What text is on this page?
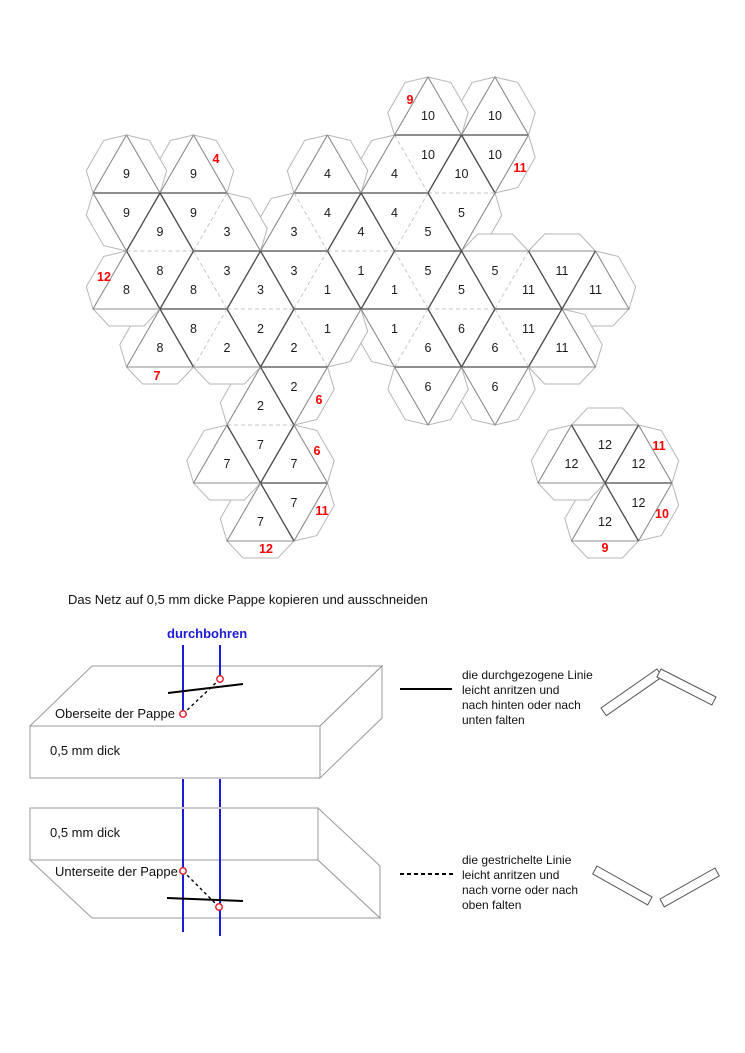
9
9
9
9
9	4
4
4
4
4
10
10
10
10
10
3
3
3
3
3
5
5
5
5
5
8
8
8
8
8
1
1
1
1
1
11
11
11
11
11
2
2
2
2
2
6
6
6
6
6
7
7
7
7
7
12
12
12
12
12
4
9
11
12
7
6
6
11
12
11
10
9
Das Netz auf 0,5 mm dicke Pappe kopieren und ausschneiden
durchbohren
Oberseite der Pappe
0,5 mm dick
0,5 mm dick
Unterseite der Pappe
die durchgezogene Linie
leicht anritzen und
nach hinten oder nach
unten falten
die gestrichelte Linie
leicht anritzen und
nach vorne oder nach
oben falten
